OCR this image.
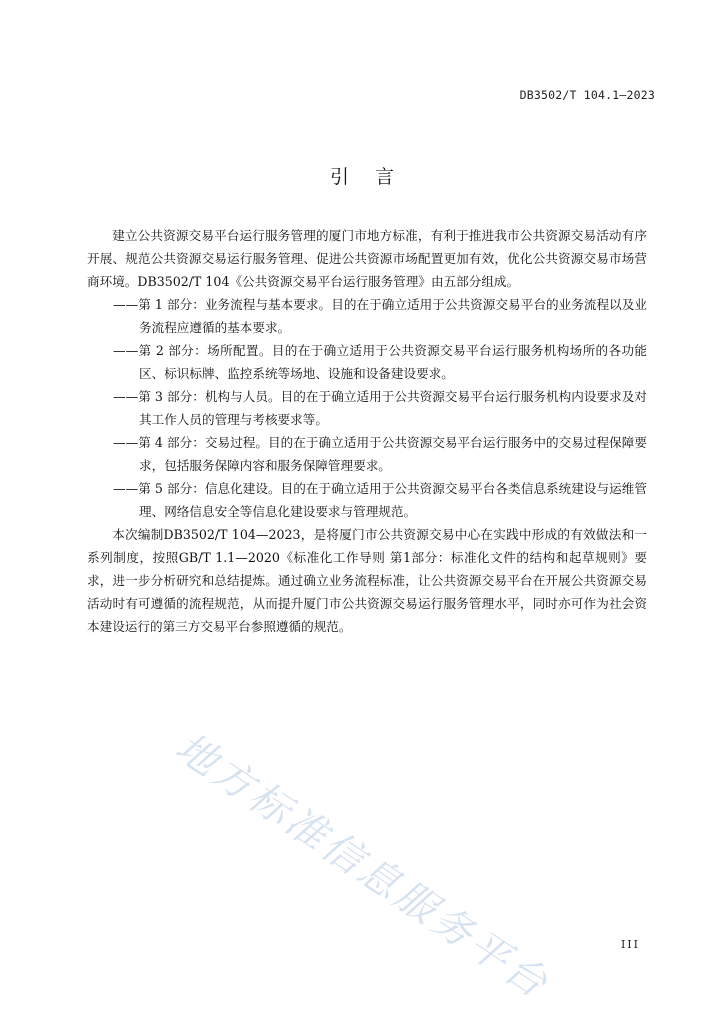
DB3502/T 104.1—2023
引言

建立公共资源交易平台运行服务管理的厦门市地方标准，有利于推进我市公共资源交易活动有序开展、规范公共资源交易运行服务管理、促进公共资源市场配置更加有效，优化公共资源交易市场营商环境。DB3502/T 104《公共资源交易平台运行服务管理》由五部分组成。

——第 1 部分：业务流程与基本要求。目的在于确立适用于公共资源交易平台的业务流程以及业务流程应遵循的基本要求。

——第 2 部分：场所配置。目的在于确立适用于公共资源交易平台运行服务机构场所的各功能区、标识标牌、监控系统等场地、设施和设备建设要求。

——第 3 部分：机构与人员。目的在于确立适用于公共资源交易平台运行服务机构内设要求及对其工作人员的管理与考核要求等。

——第 4 部分：交易过程。目的在于确立适用于公共资源交易平台运行服务中的交易过程保障要求，包括服务保障内容和服务保障管理要求。

——第 5 部分：信息化建设。目的在于确立适用于公共资源交易平台各类信息系统建设与运维管理、网络信息安全等信息化建设要求与管理规范。

本次编制DB3502/T 104—2023，是将厦门市公共资源交易中心在实践中形成的有效做法和一系列制度，按照GB/T 1.1—2020《标准化工作导则 第1部分：标准化文件的结构和起草规则》要求，进一步分析研究和总结提炼。通过确立业务流程标准，让公共资源交易平台在开展公共资源交易活动时有可遵循的流程规范，从而提升厦门市公共资源交易运行服务管理水平，同时亦可作为社会资本建设运行的第三方交易平台参照遵循的规范。

地方标准信息服务平台	III
